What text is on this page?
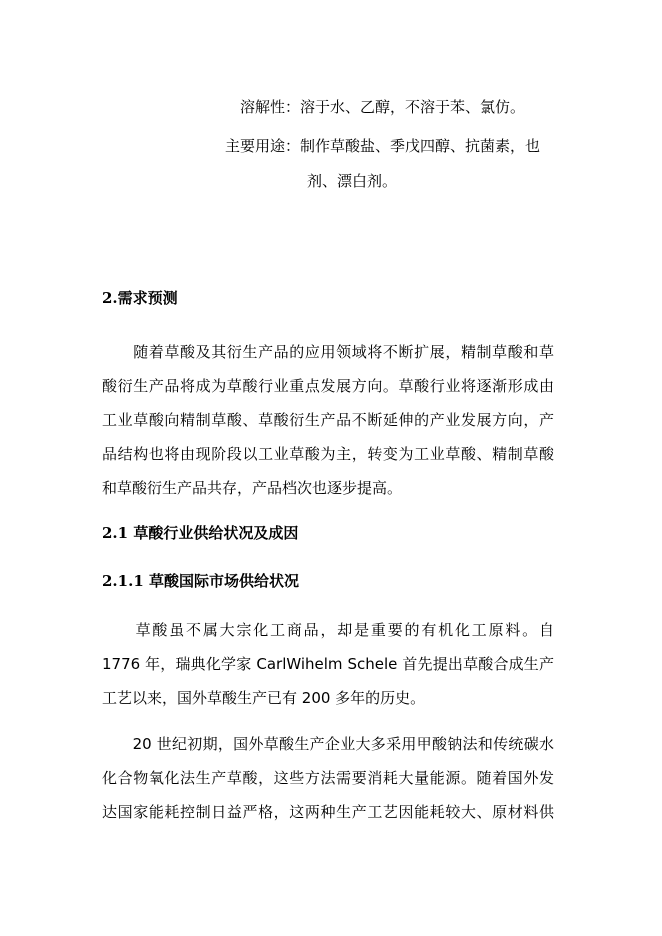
溶解性：溶于水、乙醇，不溶于苯、氯仿。
主要用途：制作草酸盐、季戊四醇、抗菌素，也
剂、漂白剂。
2.需求预测
　　随着草酸及其衍生产品的应用领域将不断扩展，精制草酸和草
酸衍生产品将成为草酸行业重点发展方向。草酸行业将逐渐形成由
工业草酸向精制草酸、草酸衍生产品不断延伸的产业发展方向，产
品结构也将由现阶段以工业草酸为主，转变为工业草酸、精制草酸
和草酸衍生产品共存，产品档次也逐步提高。
2.1 草酸行业供给状况及成因
2.1.1 草酸国际市场供给状况
　　草酸虽不属大宗化工商品，却是重要的有机化工原料。自
1776 年，瑞典化学家 CarlWihelm Schele 首先提出草酸合成生产
工艺以来，国外草酸生产已有 200 多年的历史。
　　20 世纪初期，国外草酸生产企业大多采用甲酸钠法和传统碳水
化合物氧化法生产草酸，这些方法需要消耗大量能源。随着国外发
达国家能耗控制日益严格，这两种生产工艺因能耗较大、原材料供
